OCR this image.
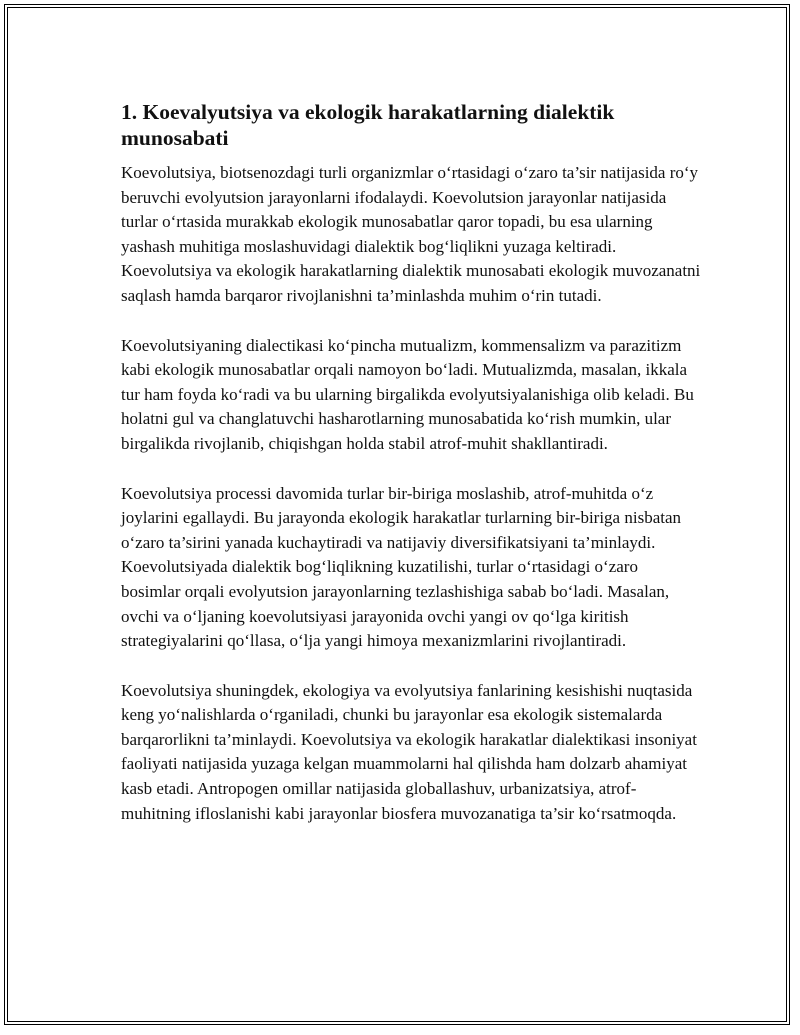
1. Koevalyutsiya va ekologik harakatlarning dialektik munosabati

Koevolutsiya, biotsenozdagi turli organizmlar o‘rtasidagi o‘zaro ta’sir natijasida ro‘y beruvchi evolyutsion jarayonlarni ifodalaydi. Koevolutsion jarayonlar natijasida turlar o‘rtasida murakkab ekologik munosabatlar qaror topadi, bu esa ularning yashash muhitiga moslashuvidagi dialektik bog‘liqlikni yuzaga keltiradi. Koevolutsiya va ekologik harakatlarning dialektik munosabati ekologik muvozanatni saqlash hamda barqaror rivojlanishni ta’minlashda muhim o‘rin tutadi.

Koevolutsiyaning dialectikasi ko‘pincha mutualizm, kommensalizm va parazitizm kabi ekologik munosabatlar orqali namoyon bo‘ladi. Mutualizmda, masalan, ikkala tur ham foyda ko‘radi va bu ularning birgalikda evolyutsiyalanishiga olib keladi. Bu holatni gul va changlatuvchi hasharotlarning munosabatida ko‘rish mumkin, ular birgalikda rivojlanib, chiqishgan holda stabil atrof-muhit shakllantiradi.

Koevolutsiya processi davomida turlar bir-biriga moslashib, atrof-muhitda o‘z joylarini egallaydi. Bu jarayonda ekologik harakatlar turlarning bir-biriga nisbatan o‘zaro ta’sirini yanada kuchaytiradi va natijaviy diversifikatsiyani ta’minlaydi. Koevolutsiyada dialektik bog‘liqlikning kuzatilishi, turlar o‘rtasidagi o‘zaro bosimlar orqali evolyutsion jarayonlarning tezlashishiga sabab bo‘ladi. Masalan, ovchi va o‘ljaning koevolutsiyasi jarayonida ovchi yangi ov qo‘lga kiritish strategiyalarini qo‘llasa, o‘lja yangi himoya mexanizmlarini rivojlantiradi.

Koevolutsiya shuningdek, ekologiya va evolyutsiya fanlarining kesishishi nuqtasida keng yo‘nalishlarda o‘rganiladi, chunki bu jarayonlar esa ekologik sistemalarda barqarorlikni ta’minlaydi. Koevolutsiya va ekologik harakatlar dialektikasi insoniyat faoliyati natijasida yuzaga kelgan muammolarni hal qilishda ham dolzarb ahamiyat kasb etadi. Antropogen omillar natijasida globallashuv, urbanizatsiya, atrof-muhitning ifloslanishi kabi jarayonlar biosfera muvozanatiga ta’sir ko‘rsatmoqda.
